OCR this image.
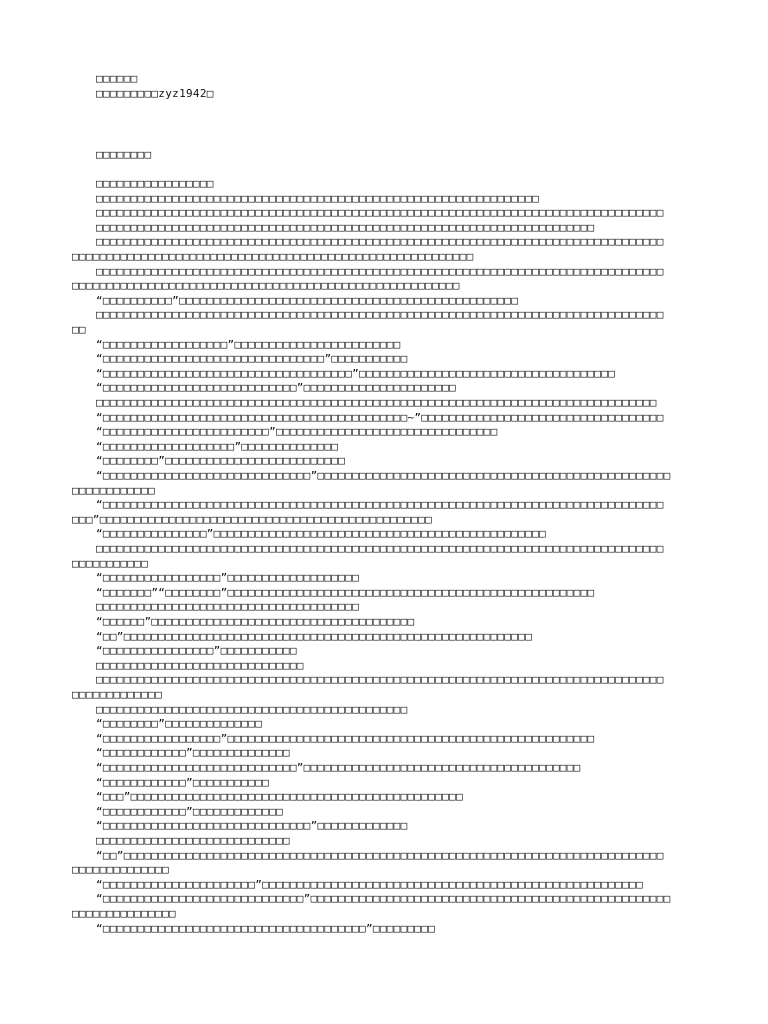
□□□□□□
□□□□□□□□□zyz1942□
□□□□□□□□
□□□□□□□□□□□□□□□□□
□□□□□□□□□□□□□□□□□□□□□□□□□□□□□□□□□□□□□□□□□□□□□□□□□□□□□□□□□□□□□□□□
□□□□□□□□□□□□□□□□□□□□□□□□□□□□□□□□□□□□□□□□□□□□□□□□□□□□□□□□□□□□□□□□□□□□□□□□□□□□□□□□□□
□□□□□□□□□□□□□□□□□□□□□□□□□□□□□□□□□□□□□□□□□□□□□□□□□□□□□□□□□□□□□□□□□□□□□□□□
□□□□□□□□□□□□□□□□□□□□□□□□□□□□□□□□□□□□□□□□□□□□□□□□□□□□□□□□□□□□□□□□□□□□□□□□□□□□□□□□□□
□□□□□□□□□□□□□□□□□□□□□□□□□□□□□□□□□□□□□□□□□□□□□□□□□□□□□□□□□□
□□□□□□□□□□□□□□□□□□□□□□□□□□□□□□□□□□□□□□□□□□□□□□□□□□□□□□□□□□□□□□□□□□□□□□□□□□□□□□□□□□
□□□□□□□□□□□□□□□□□□□□□□□□□□□□□□□□□□□□□□□□□□□□□□□□□□□□□□□□
“□□□□□□□□□□”□□□□□□□□□□□□□□□□□□□□□□□□□□□□□□□□□□□□□□□□□□□□□□□□□
□□□□□□□□□□□□□□□□□□□□□□□□□□□□□□□□□□□□□□□□□□□□□□□□□□□□□□□□□□□□□□□□□□□□□□□□□□□□□□□□□□
□□
“□□□□□□□□□□□□□□□□□□”□□□□□□□□□□□□□□□□□□□□□□□□
“□□□□□□□□□□□□□□□□□□□□□□□□□□□□□□□□”□□□□□□□□□□□
“□□□□□□□□□□□□□□□□□□□□□□□□□□□□□□□□□□□□”□□□□□□□□□□□□□□□□□□□□□□□□□□□□□□□□□□□□□
“□□□□□□□□□□□□□□□□□□□□□□□□□□□□”□□□□□□□□□□□□□□□□□□□□□□
□□□□□□□□□□□□□□□□□□□□□□□□□□□□□□□□□□□□□□□□□□□□□□□□□□□□□□□□□□□□□□□□□□□□□□□□□□□□□□□□□
“□□□□□□□□□□□□□□□□□□□□□□□□□□□□□□□□□□□□□□□□□□□□~”□□□□□□□□□□□□□□□□□□□□□□□□□□□□□□□□□□□
“□□□□□□□□□□□□□□□□□□□□□□□□”□□□□□□□□□□□□□□□□□□□□□□□□□□□□□□□□
“□□□□□□□□□□□□□□□□□□□”□□□□□□□□□□□□□□
“□□□□□□□□”□□□□□□□□□□□□□□□□□□□□□□□□□□
“□□□□□□□□□□□□□□□□□□□□□□□□□□□□□□”□□□□□□□□□□□□□□□□□□□□□□□□□□□□□□□□□□□□□□□□□□□□□□□□□□□
□□□□□□□□□□□□
“□□□□□□□□□□□□□□□□□□□□□□□□□□□□□□□□□□□□□□□□□□□□□□□□□□□□□□□□□□□□□□□□□□□□□□□□□□□□□□□□□
□□□”□□□□□□□□□□□□□□□□□□□□□□□□□□□□□□□□□□□□□□□□□□□□□□□□
“□□□□□□□□□□□□□□□”□□□□□□□□□□□□□□□□□□□□□□□□□□□□□□□□□□□□□□□□□□□□□□□□
□□□□□□□□□□□□□□□□□□□□□□□□□□□□□□□□□□□□□□□□□□□□□□□□□□□□□□□□□□□□□□□□□□□□□□□□□□□□□□□□□□
□□□□□□□□□□□
“□□□□□□□□□□□□□□□□□”□□□□□□□□□□□□□□□□□□□
“□□□□□□□”“□□□□□□□□”□□□□□□□□□□□□□□□□□□□□□□□□□□□□□□□□□□□□□□□□□□□□□□□□□□□□□
□□□□□□□□□□□□□□□□□□□□□□□□□□□□□□□□□□□□□□
“□□□□□□”□□□□□□□□□□□□□□□□□□□□□□□□□□□□□□□□□□□□□□
“□□”□□□□□□□□□□□□□□□□□□□□□□□□□□□□□□□□□□□□□□□□□□□□□□□□□□□□□□□□□□□
“□□□□□□□□□□□□□□□□”□□□□□□□□□□□
□□□□□□□□□□□□□□□□□□□□□□□□□□□□□□
□□□□□□□□□□□□□□□□□□□□□□□□□□□□□□□□□□□□□□□□□□□□□□□□□□□□□□□□□□□□□□□□□□□□□□□□□□□□□□□□□□
□□□□□□□□□□□□□
□□□□□□□□□□□□□□□□□□□□□□□□□□□□□□□□□□□□□□□□□□□□□
“□□□□□□□□”□□□□□□□□□□□□□□
“□□□□□□□□□□□□□□□□□”□□□□□□□□□□□□□□□□□□□□□□□□□□□□□□□□□□□□□□□□□□□□□□□□□□□□□
“□□□□□□□□□□□□”□□□□□□□□□□□□□□
“□□□□□□□□□□□□□□□□□□□□□□□□□□□□”□□□□□□□□□□□□□□□□□□□□□□□□□□□□□□□□□□□□□□□□
“□□□□□□□□□□□□”□□□□□□□□□□□
“□□□”□□□□□□□□□□□□□□□□□□□□□□□□□□□□□□□□□□□□□□□□□□□□□□□□
“□□□□□□□□□□□□”□□□□□□□□□□□□□
“□□□□□□□□□□□□□□□□□□□□□□□□□□□□□□”□□□□□□□□□□□□□
□□□□□□□□□□□□□□□□□□□□□□□□□□□□
“□□”□□□□□□□□□□□□□□□□□□□□□□□□□□□□□□□□□□□□□□□□□□□□□□□□□□□□□□□□□□□□□□□□□□□□□□□□□□□□□□
□□□□□□□□□□□□□□
“□□□□□□□□□□□□□□□□□□□□□□”□□□□□□□□□□□□□□□□□□□□□□□□□□□□□□□□□□□□□□□□□□□□□□□□□□□□□□□
“□□□□□□□□□□□□□□□□□□□□□□□□□□□□□”□□□□□□□□□□□□□□□□□□□□□□□□□□□□□□□□□□□□□□□□□□□□□□□□□□□□
□□□□□□□□□□□□□□□
“□□□□□□□□□□□□□□□□□□□□□□□□□□□□□□□□□□□□□□”□□□□□□□□□
